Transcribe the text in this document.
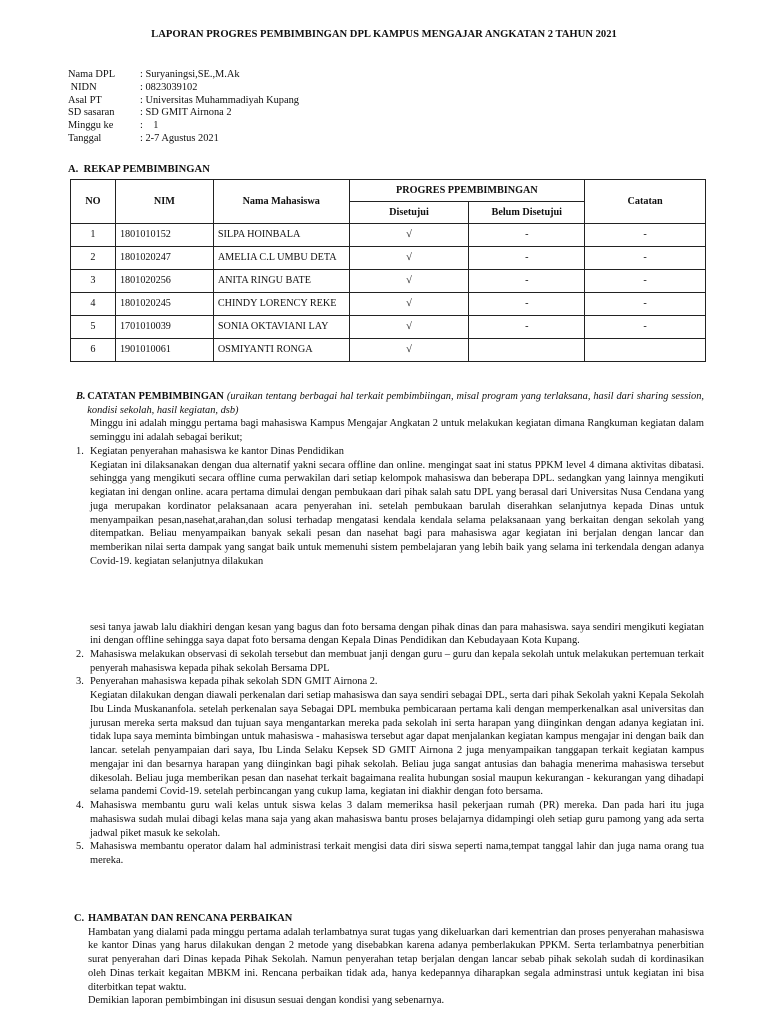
LAPORAN PROGRES PEMBIMBINGAN DPL KAMPUS MENGAJAR ANGKATAN 2 TAHUN 2021
Nama DPL	: Suryaningsi,SE.,M.Ak
NIDN	: 0823039102
Asal PT	: Universitas Muhammadiyah Kupang
SD sasaran	: SD GMIT Airnona 2
Minggu ke	:    1
Tanggal	: 2-7 Agustus 2021
A.  REKAP PEMBIMBINGAN
NO	NIM	Nama Mahasiswa	PROGRES PPEMBIMBINGAN		Catatan
			Disetujui	Belum Disetujui	
1	1801010152	SILPA HOINBALA	√	-	-
2	1801020247	AMELIA C.L UMBU DETA	√	-	-
3	1801020256	ANITA RINGU BATE	√	-	-
4	1801020245	CHINDY LORENCY REKE	√	-	-
5	1701010039	SONIA OKTAVIANI LAY	√	-	-
6	1901010061	OSMIYANTI RONGA	√		
B. CATATAN PEMBIMBINGAN (uraikan tentang berbagai hal terkait pembimbiingan, misal program yang terlaksana, hasil dari sharing session, kondisi sekolah, hasil kegiatan, dsb)
Minggu ini adalah minggu pertama bagi mahasiswa Kampus Mengajar Angkatan 2 untuk melakukan kegiatan dimana Rangkuman kegiatan dalam seminggu ini adalah sebagai berikut;
1. Kegiatan penyerahan mahasiswa ke kantor Dinas Pendidikan
Kegiatan ini dilaksanakan dengan dua alternatif yakni secara offline dan online. mengingat saat ini status PPKM level 4 dimana aktivitas dibatasi. sehingga yang mengikuti secara offline cuma perwakilan dari setiap kelompok mahasiswa dan beberapa DPL. sedangkan yang lainnya mengikuti kegiatan ini dengan online. acara pertama dimulai dengan pembukaan dari pihak salah satu DPL yang berasal dari Universitas Nusa Cendana yang juga merupakan kordinator pelaksanaan acara penyerahan ini. setelah pembukaan barulah diserahkan selanjutnya kepada Dinas untuk menyampaikan pesan,nasehat,arahan,dan solusi terhadap mengatasi kendala kendala selama pelaksanaan yang berkaitan dengan sekolah yang ditempatkan. Beliau menyampaikan banyak sekali pesan dan nasehat bagi para mahasiswa agar kegiatan ini berjalan dengan lancar dan memberikan nilai serta dampak yang sangat baik untuk memenuhi sistem pembelajaran yang lebih baik yang selama ini terkendala dengan adanya Covid-19. kegiatan selanjutnya dilakukan
sesi tanya jawab lalu diakhiri dengan kesan yang bagus dan foto bersama dengan pihak dinas dan para mahasiswa. saya sendiri mengikuti kegiatan ini dengan offline sehingga saya dapat foto bersama dengan Kepala Dinas Pendidikan dan Kebudayaan Kota Kupang.
2. Mahasiswa melakukan observasi di sekolah tersebut dan membuat janji dengan guru – guru dan kepala sekolah untuk melakukan pertemuan terkait penyerah mahasiswa kepada pihak sekolah Bersama DPL
3. Penyerahan mahasiswa kepada pihak sekolah SDN GMIT Airnona 2.
Kegiatan dilakukan dengan diawali perkenalan dari setiap mahasiswa dan saya sendiri sebagai DPL, serta dari pihak Sekolah yakni Kepala Sekolah Ibu Linda Muskananfola. setelah perkenalan saya Sebagai DPL membuka pembicaraan pertama kali dengan memperkenalkan asal universitas dan jurusan mereka serta maksud dan tujuan saya mengantarkan mereka pada sekolah ini serta harapan yang diinginkan dengan adanya kegiatan ini. tidak lupa saya meminta bimbingan untuk mahasiswa - mahasiswa tersebut agar dapat menjalankan kegiatan kampus mengajar ini dengan baik dan lancar. setelah penyampaian dari saya, Ibu Linda Selaku Kepsek SD GMIT Airnona 2 juga menyampaikan tanggapan terkait kegiatan kampus mengajar ini dan besarnya harapan yang diinginkan bagi pihak sekolah. Beliau juga sangat antusias dan bahagia menerima mahasiswa tersebut dikesolah. Beliau juga memberikan pesan dan nasehat terkait bagaimana realita hubungan sosial maupun kekurangan - kekurangan yang dihadapi selama pandemi Covid-19. setelah perbincangan yang cukup lama, kegiatan ini diakhir dengan foto bersama.
4. Mahasiswa membantu guru wali kelas untuk siswa kelas 3 dalam memeriksa hasil pekerjaan rumah (PR) mereka. Dan pada hari itu juga mahasiswa sudah mulai dibagi kelas mana saja yang akan mahasiswa bantu proses belajarnya didampingi oleh setiap guru pamong yang ada serta jadwal piket masuk ke sekolah.
5. Mahasiswa membantu operator dalam hal administrasi terkait mengisi data diri siswa seperti nama,tempat tanggal lahir dan juga nama orang tua mereka.
C. HAMBATAN DAN RENCANA PERBAIKAN
Hambatan yang dialami pada minggu pertama adalah terlambatnya surat tugas yang dikeluarkan dari kementrian dan proses penyerahan mahasiswa ke kantor Dinas yang harus dilakukan dengan 2 metode yang disebabkan karena adanya pemberlakukan PPKM. Serta terlambatnya penerbitian surat penyerahan dari Dinas kepada Pihak Sekolah. Namun penyerahan tetap berjalan dengan lancar sebab pihak sekolah sudah di kordinasikan oleh Dinas terkait kegaitan MBKM ini. Rencana perbaikan tidak ada, hanya kedepannya diharapkan segala adminstrasi untuk kegiatan ini bisa diterbitkan tepat waktu.
Demikian laporan pembimbingan ini disusun sesuai dengan kondisi yang sebenarnya.
